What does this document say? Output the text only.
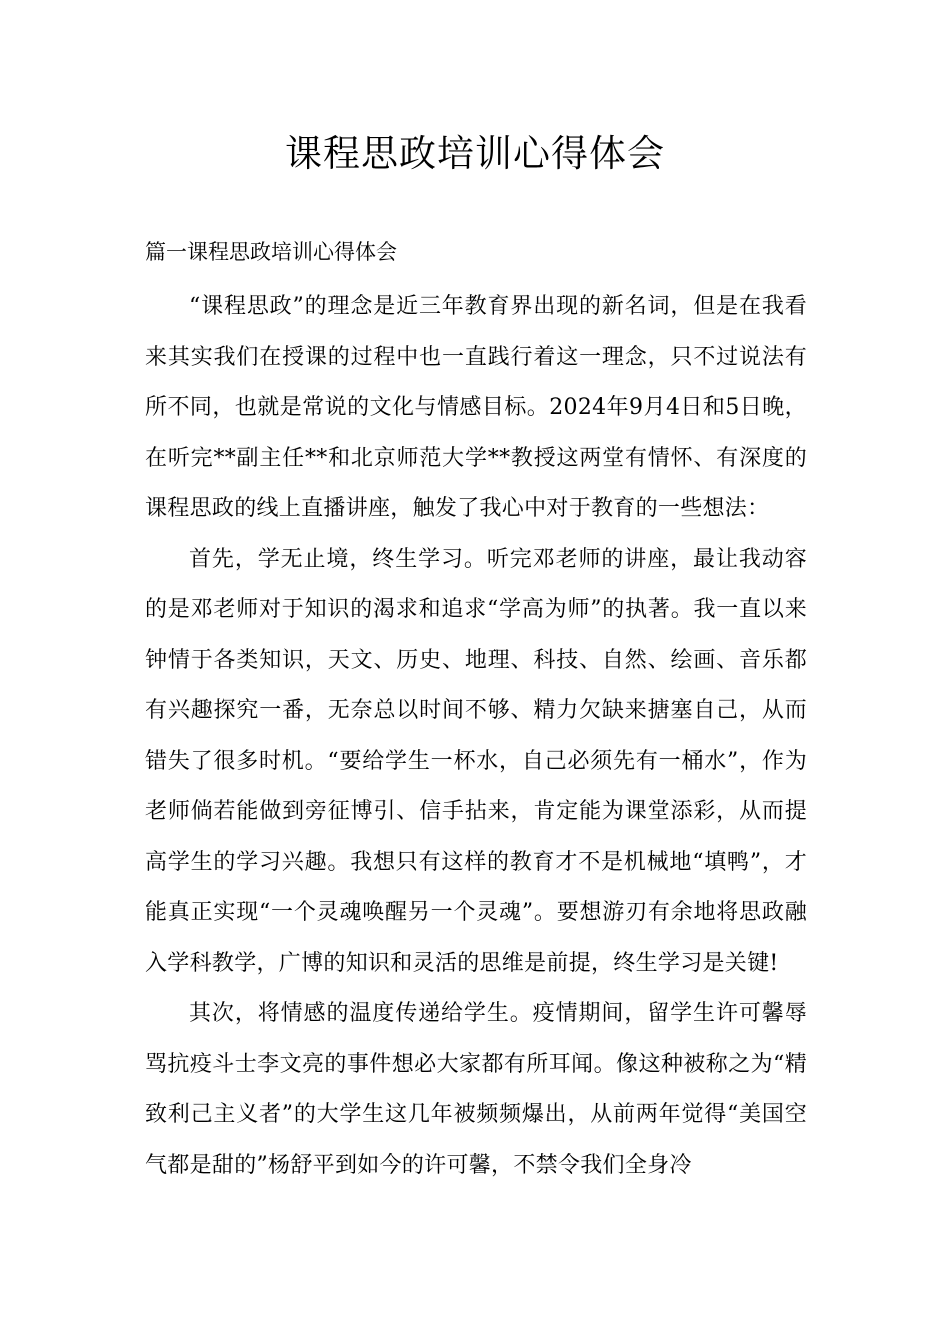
课程思政培训心得体会

篇一课程思政培训心得体会

“课程思政”的理念是近三年教育界出现的新名词，但是在我看来其实我们在授课的过程中也一直践行着这一理念，只不过说法有所不同，也就是常说的文化与情感目标。2024年9月4日和5日晚，在听完**副主任**和北京师范大学**教授这两堂有情怀、有深度的课程思政的线上直播讲座，触发了我心中对于教育的一些想法：

首先，学无止境，终生学习。听完邓老师的讲座，最让我动容的是邓老师对于知识的渴求和追求“学高为师”的执著。我一直以来钟情于各类知识，天文、历史、地理、科技、自然、绘画、音乐都有兴趣探究一番，无奈总以时间不够、精力欠缺来搪塞自己，从而错失了很多时机。“要给学生一杯水，自己必须先有一桶水”，作为老师倘若能做到旁征博引、信手拈来，肯定能为课堂添彩，从而提高学生的学习兴趣。我想只有这样的教育才不是机械地“填鸭”，才能真正实现“一个灵魂唤醒另一个灵魂”。要想游刃有余地将思政融入学科教学，广博的知识和灵活的思维是前提，终生学习是关键!

其次，将情感的温度传递给学生。疫情期间，留学生许可馨辱骂抗疫斗士李文亮的事件想必大家都有所耳闻。像这种被称之为“精致利己主义者”的大学生这几年被频频爆出，从前两年觉得“美国空气都是甜的”杨舒平到如今的许可馨，不禁令我们全身冷
